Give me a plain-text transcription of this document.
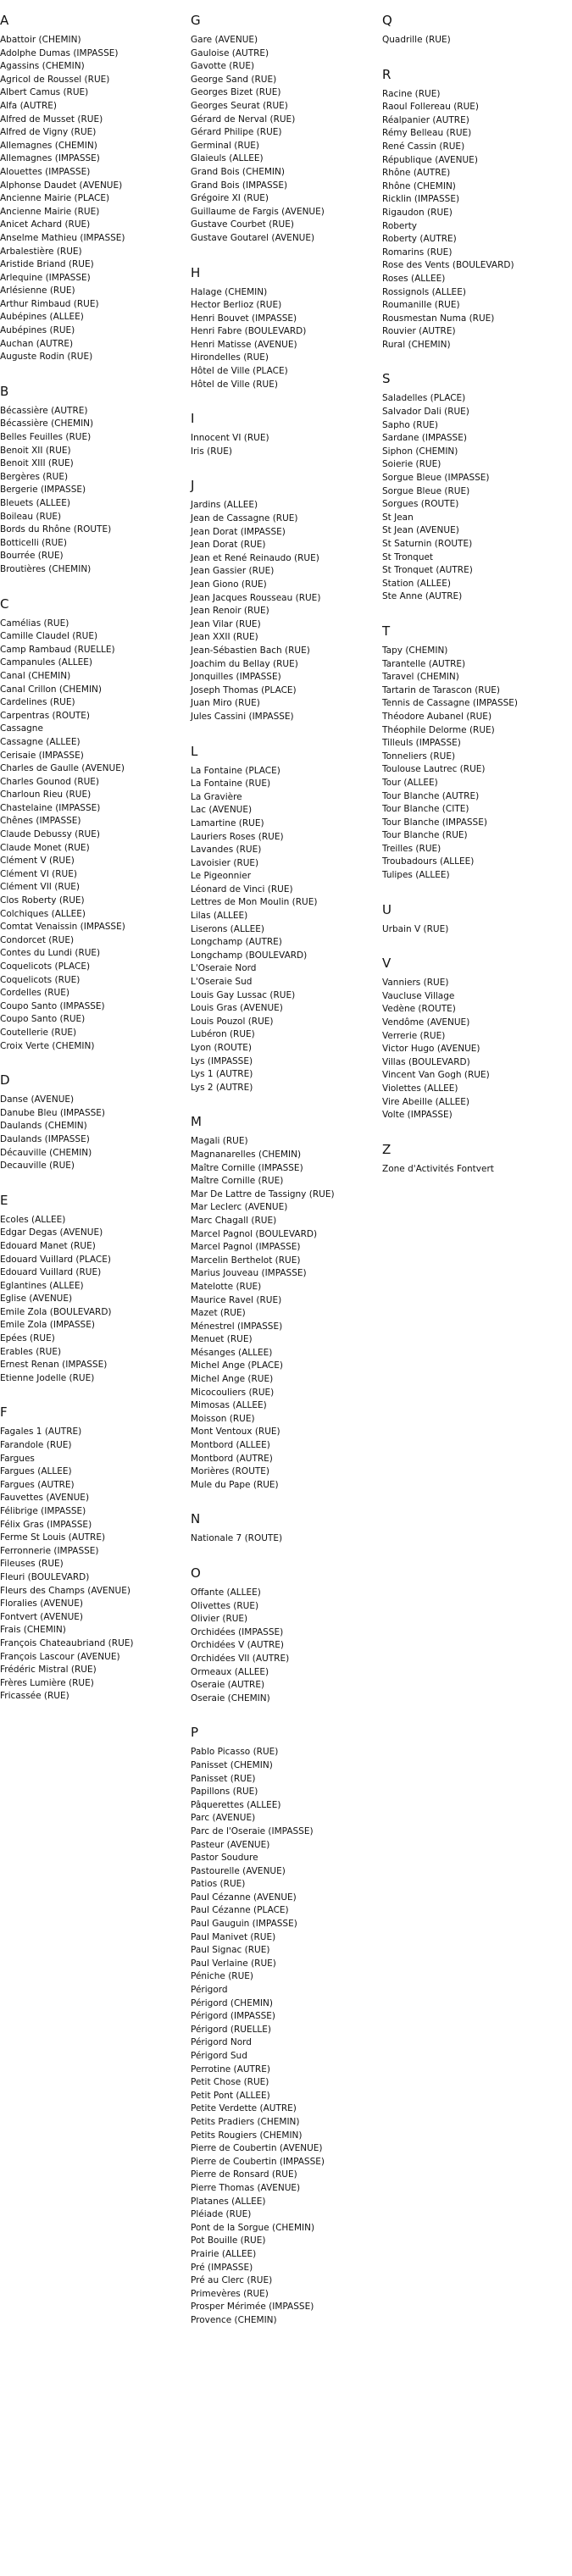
A
Abattoir (CHEMIN)
Adolphe Dumas (IMPASSE)
Agassins (CHEMIN)
Agricol de Roussel (RUE)
Albert Camus (RUE)
Alfa (AUTRE)
Alfred de Musset (RUE)
Alfred de Vigny (RUE)
Allemagnes (CHEMIN)
Allemagnes (IMPASSE)
Alouettes (IMPASSE)
Alphonse Daudet (AVENUE)
Ancienne Mairie (PLACE)
Ancienne Mairie (RUE)
Anicet Achard (RUE)
Anselme Mathieu (IMPASSE)
Arbalestière (RUE)
Aristide Briand (RUE)
Arlequine (IMPASSE)
Arlésienne (RUE)
Arthur Rimbaud (RUE)
Aubépines (ALLEE)
Aubépines (RUE)
Auchan (AUTRE)
Auguste Rodin (RUE)
B
Bécassière (AUTRE)
Bécassière (CHEMIN)
Belles Feuilles (RUE)
Benoit XII (RUE)
Benoit XIII (RUE)
Bergères (RUE)
Bergerie (IMPASSE)
Bleuets (ALLEE)
Boileau (RUE)
Bords du Rhône (ROUTE)
Botticelli (RUE)
Bourrée (RUE)
Broutières (CHEMIN)
C
Camélias (RUE)
Camille Claudel (RUE)
Camp Rambaud (RUELLE)
Campanules (ALLEE)
Canal (CHEMIN)
Canal Crillon (CHEMIN)
Cardelines (RUE)
Carpentras (ROUTE)
Cassagne
Cassagne (ALLEE)
Cerisaie (IMPASSE)
Charles de Gaulle (AVENUE)
Charles Gounod (RUE)
Charloun Rieu (RUE)
Chastelaine (IMPASSE)
Chênes (IMPASSE)
Claude Debussy (RUE)
Claude Monet (RUE)
Clément V (RUE)
Clément VI (RUE)
Clément VII (RUE)
Clos Roberty (RUE)
Colchiques (ALLEE)
Comtat Venaissin (IMPASSE)
Condorcet (RUE)
Contes du Lundi (RUE)
Coquelicots (PLACE)
Coquelicots (RUE)
Cordelles (RUE)
Coupo Santo (IMPASSE)
Coupo Santo (RUE)
Coutellerie (RUE)
Croix Verte (CHEMIN)
D
Danse (AVENUE)
Danube Bleu (IMPASSE)
Daulands (CHEMIN)
Daulands (IMPASSE)
Décauville (CHEMIN)
Decauville (RUE)
E
Ecoles (ALLEE)
Edgar Degas (AVENUE)
Edouard Manet (RUE)
Edouard Vuillard (PLACE)
Edouard Vuillard (RUE)
Eglantines (ALLEE)
Eglise (AVENUE)
Emile Zola (BOULEVARD)
Emile Zola (IMPASSE)
Epées (RUE)
Erables (RUE)
Ernest Renan (IMPASSE)
Etienne Jodelle (RUE)
F
Fagales 1 (AUTRE)
Farandole (RUE)
Fargues
Fargues (ALLEE)
Fargues (AUTRE)
Fauvettes (AVENUE)
Félibrige (IMPASSE)
Félix Gras (IMPASSE)
Ferme St Louis (AUTRE)
Ferronnerie (IMPASSE)
Fileuses (RUE)
Fleuri (BOULEVARD)
Fleurs des Champs (AVENUE)
Floralies (AVENUE)
Fontvert (AVENUE)
Frais (CHEMIN)
François Chateaubriand (RUE)
François Lascour (AVENUE)
Frédéric Mistral (RUE)
Frères Lumière (RUE)
Fricassée (RUE)
G
Gare (AVENUE)
Gauloise (AUTRE)
Gavotte (RUE)
George Sand (RUE)
Georges Bizet (RUE)
Georges Seurat (RUE)
Gérard de Nerval (RUE)
Gérard Philipe (RUE)
Germinal (RUE)
Glaieuls (ALLEE)
Grand Bois (CHEMIN)
Grand Bois (IMPASSE)
Grégoire XI (RUE)
Guillaume de Fargis (AVENUE)
Gustave Courbet (RUE)
Gustave Goutarel (AVENUE)
H
Halage (CHEMIN)
Hector Berlioz (RUE)
Henri Bouvet (IMPASSE)
Henri Fabre (BOULEVARD)
Henri Matisse (AVENUE)
Hirondelles (RUE)
Hôtel de Ville (PLACE)
Hôtel de Ville (RUE)
I
Innocent VI (RUE)
Iris (RUE)
J
Jardins (ALLEE)
Jean de Cassagne (RUE)
Jean Dorat (IMPASSE)
Jean Dorat (RUE)
Jean et René Reinaudo (RUE)
Jean Gassier (RUE)
Jean Giono (RUE)
Jean Jacques Rousseau (RUE)
Jean Renoir (RUE)
Jean Vilar (RUE)
Jean XXII (RUE)
Jean-Sébastien Bach (RUE)
Joachim du Bellay (RUE)
Jonquilles (IMPASSE)
Joseph Thomas (PLACE)
Juan Miro (RUE)
Jules Cassini (IMPASSE)
L
La Fontaine (PLACE)
La Fontaine (RUE)
La Gravière
Lac (AVENUE)
Lamartine (RUE)
Lauriers Roses (RUE)
Lavandes (RUE)
Lavoisier (RUE)
Le Pigeonnier
Léonard de Vinci (RUE)
Lettres de Mon Moulin (RUE)
Lilas (ALLEE)
Liserons (ALLEE)
Longchamp (AUTRE)
Longchamp (BOULEVARD)
L'Oseraie Nord
L'Oseraie Sud
Louis Gay Lussac (RUE)
Louis Gras (AVENUE)
Louis Pouzol (RUE)
Lubéron (RUE)
Lyon (ROUTE)
Lys (IMPASSE)
Lys 1 (AUTRE)
Lys 2 (AUTRE)
M
Magali (RUE)
Magnanarelles (CHEMIN)
Maître Cornille (IMPASSE)
Maître Cornille (RUE)
Mar De Lattre de Tassigny (RUE)
Mar Leclerc (AVENUE)
Marc Chagall (RUE)
Marcel Pagnol (BOULEVARD)
Marcel Pagnol (IMPASSE)
Marcelin Berthelot (RUE)
Marius Jouveau (IMPASSE)
Matelotte (RUE)
Maurice Ravel (RUE)
Mazet (RUE)
Ménestrel (IMPASSE)
Menuet (RUE)
Mésanges (ALLEE)
Michel Ange (PLACE)
Michel Ange (RUE)
Micocouliers (RUE)
Mimosas (ALLEE)
Moisson (RUE)
Mont Ventoux (RUE)
Montbord (ALLEE)
Montbord (AUTRE)
Morières (ROUTE)
Mule du Pape (RUE)
N
Nationale 7 (ROUTE)
O
Offante (ALLEE)
Olivettes (RUE)
Olivier (RUE)
Orchidées (IMPASSE)
Orchidées V (AUTRE)
Orchidées VII (AUTRE)
Ormeaux (ALLEE)
Oseraie (AUTRE)
Oseraie (CHEMIN)
P
Pablo Picasso (RUE)
Panisset (CHEMIN)
Panisset (RUE)
Papillons (RUE)
Pâquerettes (ALLEE)
Parc (AVENUE)
Parc de l'Oseraie (IMPASSE)
Pasteur (AVENUE)
Pastor Soudure
Pastourelle (AVENUE)
Patios (RUE)
Paul Cézanne (AVENUE)
Paul Cézanne (PLACE)
Paul Gauguin (IMPASSE)
Paul Manivet (RUE)
Paul Signac (RUE)
Paul Verlaine (RUE)
Péniche (RUE)
Périgord
Périgord (CHEMIN)
Périgord (IMPASSE)
Périgord (RUELLE)
Périgord Nord
Périgord Sud
Perrotine (AUTRE)
Petit Chose (RUE)
Petit Pont (ALLEE)
Petite Verdette (AUTRE)
Petits Pradiers (CHEMIN)
Petits Rougiers (CHEMIN)
Pierre de Coubertin (AVENUE)
Pierre de Coubertin (IMPASSE)
Pierre de Ronsard (RUE)
Pierre Thomas (AVENUE)
Platanes (ALLEE)
Pléiade (RUE)
Pont de la Sorgue (CHEMIN)
Pot Bouille (RUE)
Prairie (ALLEE)
Pré (IMPASSE)
Pré au Clerc (RUE)
Primevères (RUE)
Prosper Mérimée (IMPASSE)
Provence (CHEMIN)
Q
Quadrille (RUE)
R
Racine (RUE)
Raoul Follereau (RUE)
Réalpanier (AUTRE)
Rémy Belleau (RUE)
René Cassin (RUE)
République (AVENUE)
Rhône (AUTRE)
Rhône (CHEMIN)
Ricklin (IMPASSE)
Rigaudon (RUE)
Roberty
Roberty (AUTRE)
Romarins (RUE)
Rose des Vents (BOULEVARD)
Roses (ALLEE)
Rossignols (ALLEE)
Roumanille (RUE)
Rousmestan Numa (RUE)
Rouvier (AUTRE)
Rural (CHEMIN)
S
Saladelles (PLACE)
Salvador Dali (RUE)
Sapho (RUE)
Sardane (IMPASSE)
Siphon (CHEMIN)
Soierie (RUE)
Sorgue Bleue (IMPASSE)
Sorgue Bleue (RUE)
Sorgues (ROUTE)
St Jean
St Jean (AVENUE)
St Saturnin (ROUTE)
St Tronquet
St Tronquet (AUTRE)
Station (ALLEE)
Ste Anne (AUTRE)
T
Tapy (CHEMIN)
Tarantelle (AUTRE)
Taravel (CHEMIN)
Tartarin de Tarascon (RUE)
Tennis de Cassagne (IMPASSE)
Théodore Aubanel (RUE)
Théophile Delorme (RUE)
Tilleuls (IMPASSE)
Tonneliers (RUE)
Toulouse Lautrec (RUE)
Tour (ALLEE)
Tour Blanche (AUTRE)
Tour Blanche (CITE)
Tour Blanche (IMPASSE)
Tour Blanche (RUE)
Treilles (RUE)
Troubadours (ALLEE)
Tulipes (ALLEE)
U
Urbain V (RUE)
V
Vanniers (RUE)
Vaucluse Village
Vedène (ROUTE)
Vendôme (AVENUE)
Verrerie (RUE)
Victor Hugo (AVENUE)
Villas (BOULEVARD)
Vincent Van Gogh (RUE)
Violettes (ALLEE)
Vire Abeille (ALLEE)
Volte (IMPASSE)
Z
Zone d'Activités Fontvert
